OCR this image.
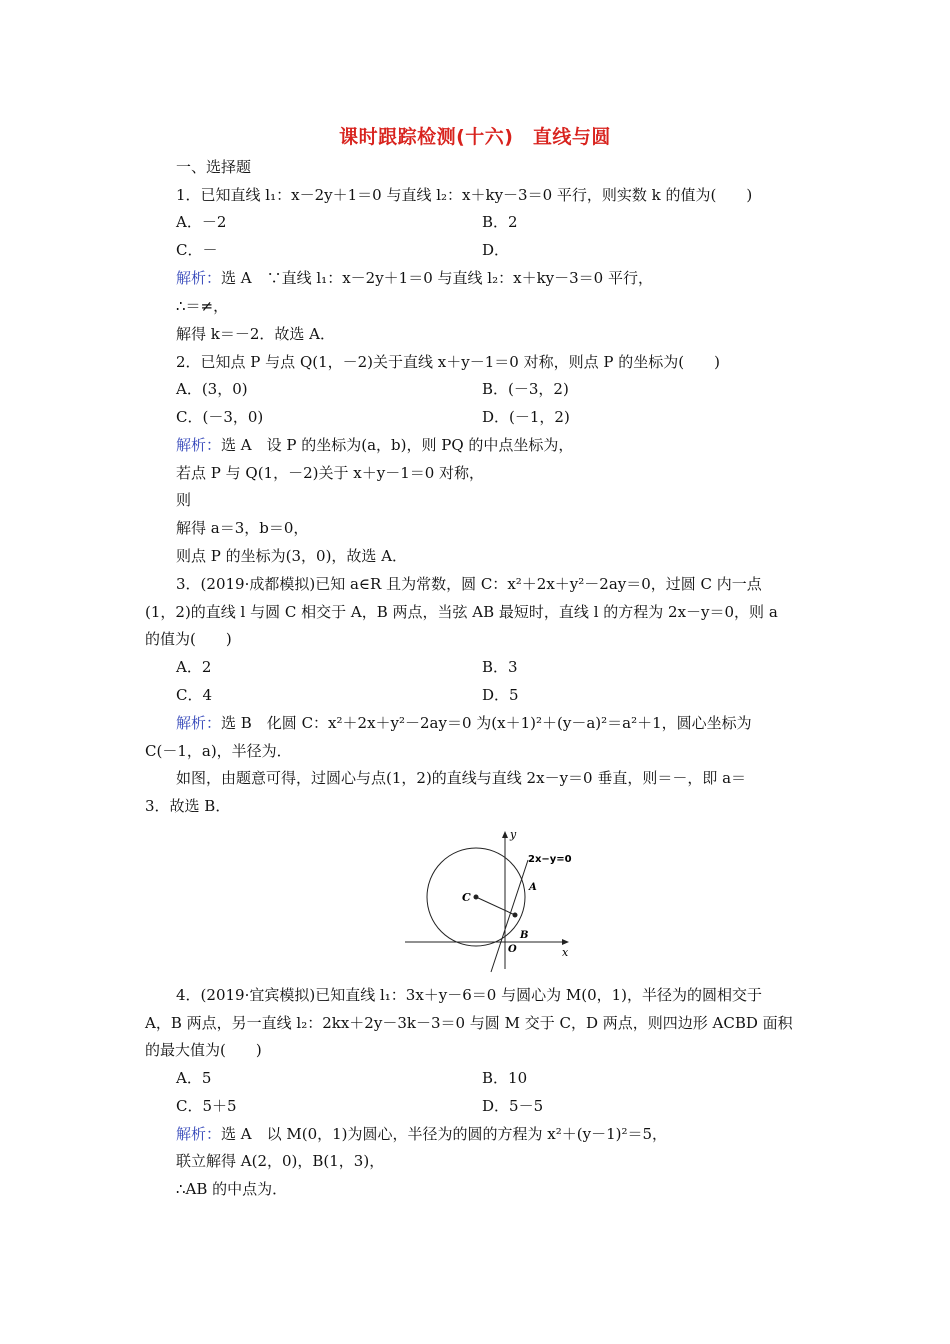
课时跟踪检测(十六)　直线与圆
一、选择题
1．已知直线 l₁：x－2y＋1＝0 与直线 l₂：x＋ky－3＝0 平行，则实数 k 的值为(　　)
A．－2	B．2
C．－	D．
解析：选 A　∵直线 l₁：x－2y＋1＝0 与直线 l₂：x＋ky－3＝0 平行，
∴＝≠，
解得 k＝－2．故选 A．
2．已知点 P 与点 Q(1，－2)关于直线 x＋y－1＝0 对称，则点 P 的坐标为(　　)
A．(3，0)	B．(－3，2)
C．(－3，0)	D．(－1，2)
解析：选 A　设 P 的坐标为(a，b)，则 PQ 的中点坐标为，
若点 P 与 Q(1，－2)关于 x＋y－1＝0 对称，
则
解得 a＝3，b＝0，
则点 P 的坐标为(3，0)，故选 A．
3．(2019·成都模拟)已知 a∈R 且为常数，圆 C：x²＋2x＋y²－2ay＝0，过圆 C 内一点
(1，2)的直线 l 与圆 C 相交于 A，B 两点，当弦 AB 最短时，直线 l 的方程为 2x－y＝0，则 a
的值为(　　)
A．2	B．3
C．4	D．5
解析：选 B　化圆 C：x²＋2x＋y²－2ay＝0 为(x＋1)²＋(y－a)²＝a²＋1，圆心坐标为
C(－1，a)，半径为．
如图，由题意可得，过圆心与点(1，2)的直线与直线 2x－y＝0 垂直，则＝－，即 a＝
3．故选 B．
x
y
2x−y=0
A
B
C
O
4．(2019·宜宾模拟)已知直线 l₁：3x＋y－6＝0 与圆心为 M(0，1)，半径为的圆相交于
A，B 两点，另一直线 l₂：2kx＋2y－3k－3＝0 与圆 M 交于 C，D 两点，则四边形 ACBD 面积
的最大值为(　　)
A．5	B．10
C．5＋5	D．5－5
解析：选 A　以 M(0，1)为圆心，半径为的圆的方程为 x²＋(y－1)²＝5，
联立解得 A(2，0)，B(1，3)，
∴AB 的中点为．
